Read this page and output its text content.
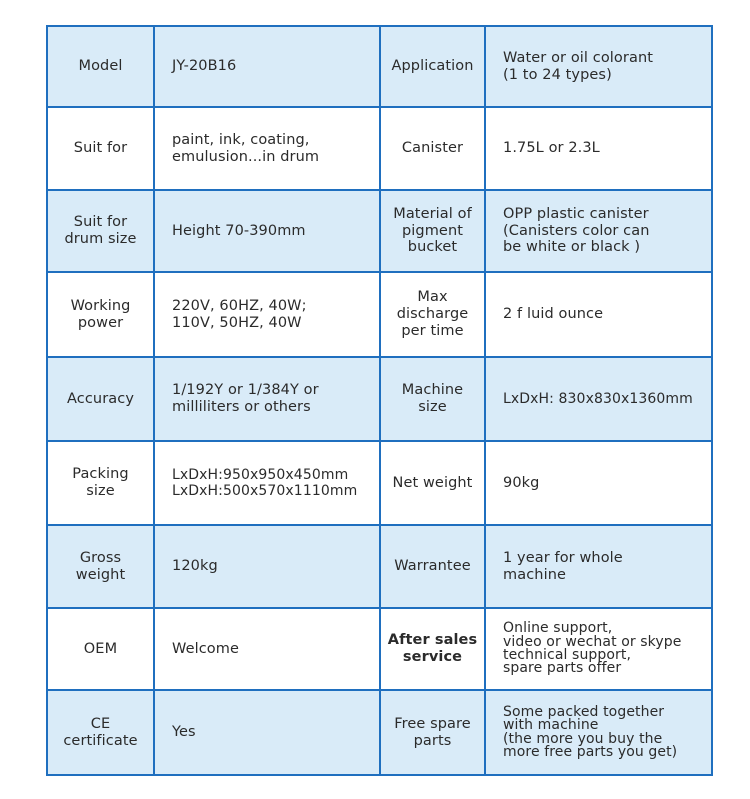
Model	JY-20B16	Application	Water or oil colorant
(1 to 24 types)

Suit for	paint, ink, coating,
emulusion...in drum	Canister	1.75L or 2.3L

Suit for
drum size	Height 70-390mm	Material of
pigment
bucket	OPP plastic canister
(Canisters color can
be white or black )

Working
power	220V, 60HZ, 40W;
110V, 50HZ, 40W	Max
discharge
per time	2 f luid ounce

Accuracy	1/192Y or 1/384Y or
milliliters or others	Machine
size	LxDxH: 830x830x1360mm

Packing
size	LxDxH:950x950x450mm
LxDxH:500x570x1110mm	Net weight	90kg

Gross
weight	120kg	Warrantee	1 year for whole
machine

OEM	Welcome	After sales
service	Online support,
video or wechat or skype
technical support,
spare parts offer

CE
certificate	Yes	Free spare
parts	Some packed together
with machine
(the more you buy the
more free parts you get)
